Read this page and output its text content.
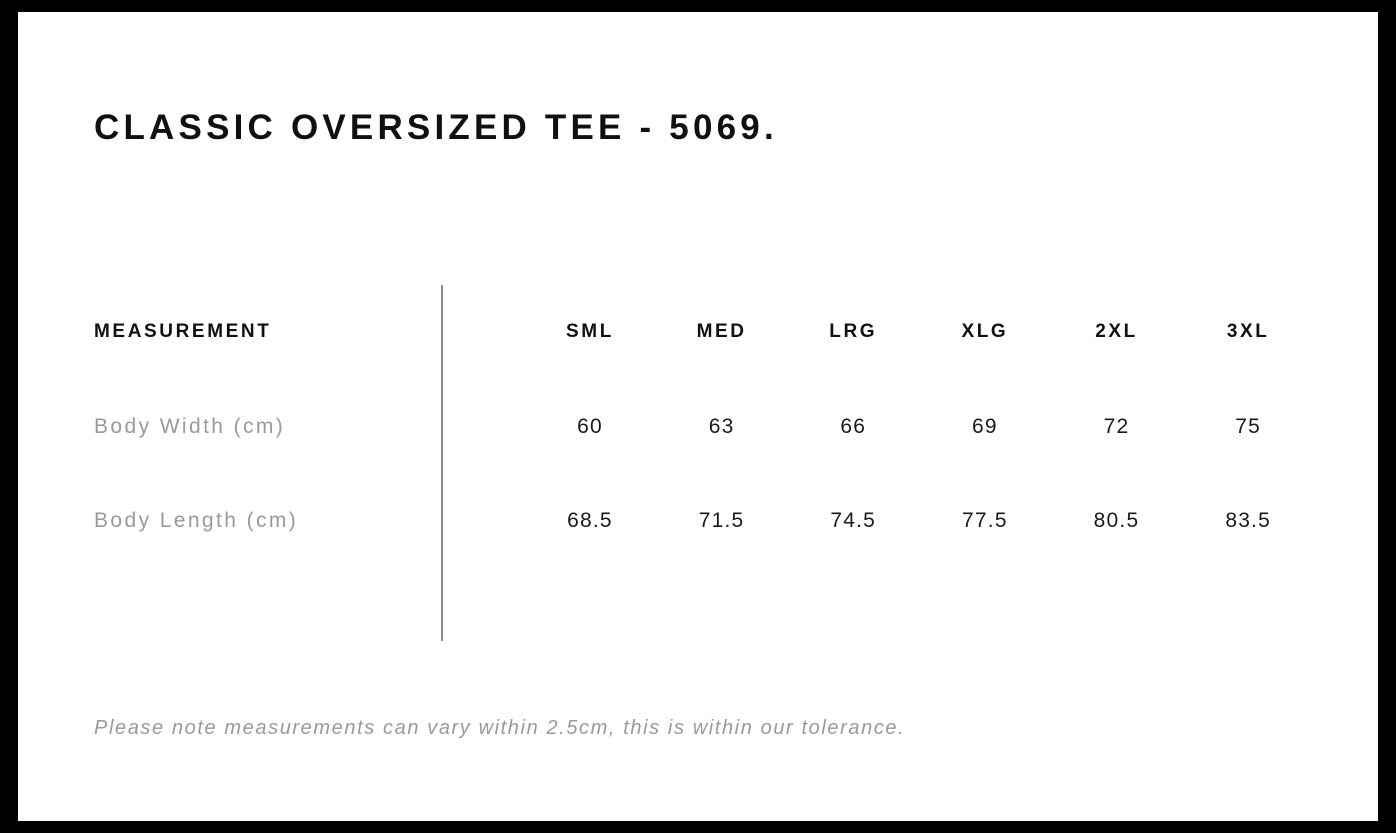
CLASSIC OVERSIZED TEE - 5069.
MEASUREMENT	SML	MED	LRG	XLG	2XL	3XL
Body Width (cm)	60	63	66	69	72	75
Body Length (cm)	68.5	71.5	74.5	77.5	80.5	83.5
Please note measurements can vary within 2.5cm, this is within our tolerance.
